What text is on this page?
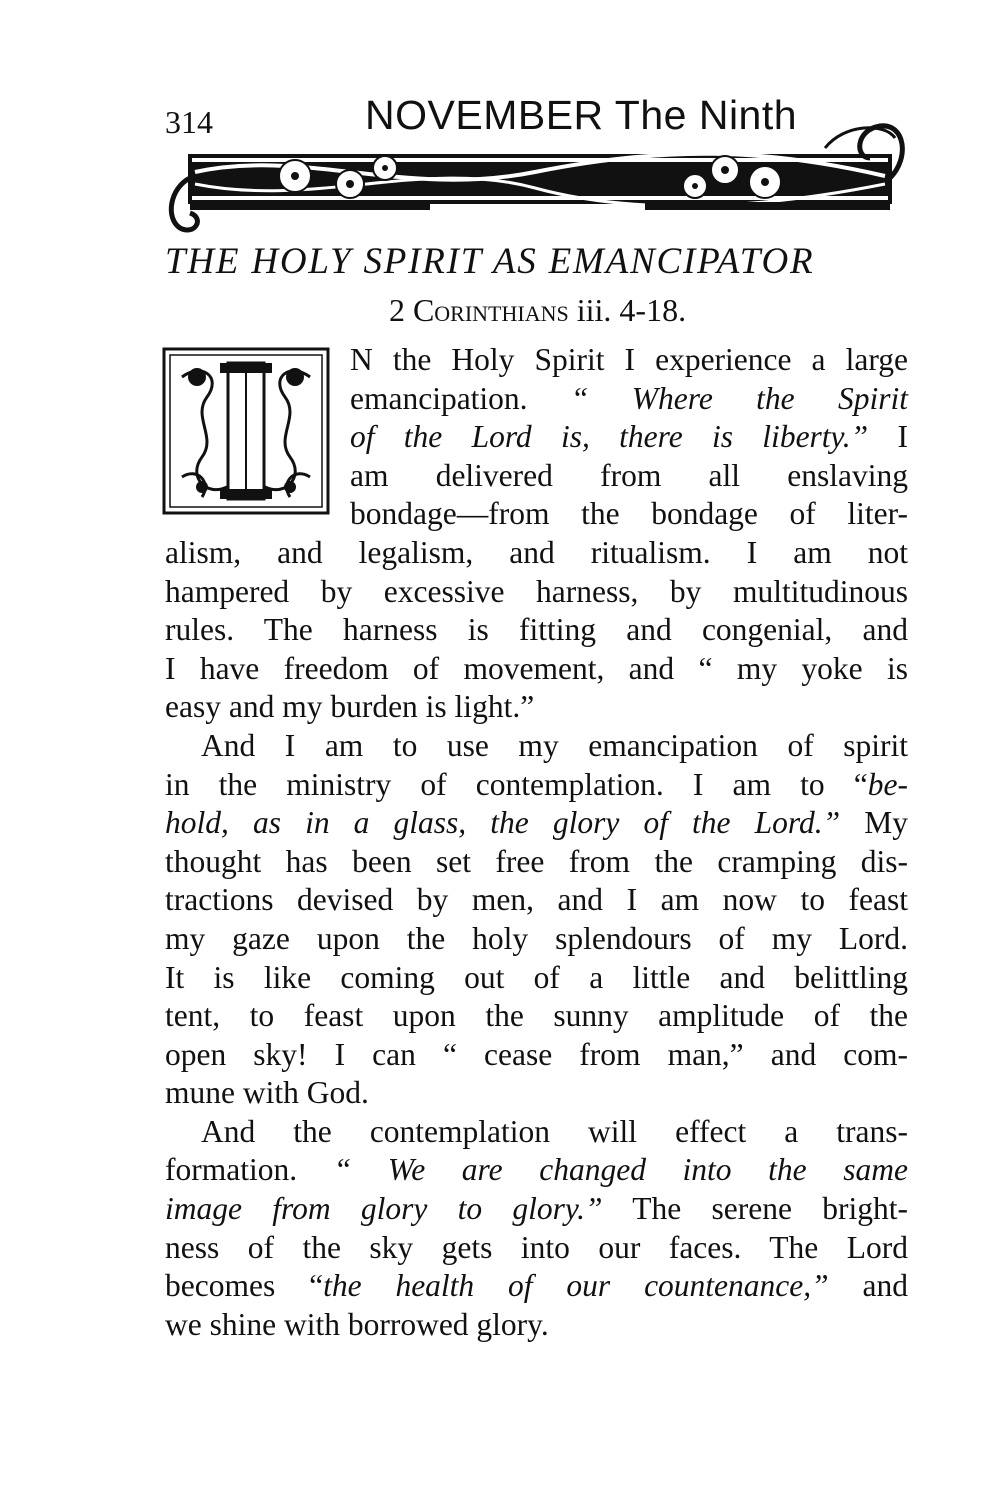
314	NOVEMBER The Ninth
THE HOLY SPIRIT AS EMANCIPATOR
2 Corinthians iii. 4-18.
N the Holy Spirit I experience a large
emancipation. “ Where the Spirit
of the Lord is, there is liberty.” I
am delivered from all enslaving
bondage—from the bondage of liter-
alism, and legalism, and ritualism. I am not
hampered by excessive harness, by multitudinous
rules. The harness is fitting and congenial, and
I have freedom of movement, and “ my yoke is
easy and my burden is light.”
And I am to use my emancipation of spirit
in the ministry of contemplation. I am to “be-
hold, as in a glass, the glory of the Lord.” My
thought has been set free from the cramping dis-
tractions devised by men, and I am now to feast
my gaze upon the holy splendours of my Lord.
It is like coming out of a little and belittling
tent, to feast upon the sunny amplitude of the
open sky! I can “ cease from man,” and com-
mune with God.
And the contemplation will effect a trans-
formation. “ We are changed into the same
image from glory to glory.” The serene bright-
ness of the sky gets into our faces. The Lord
becomes “the health of our countenance,” and
we shine with borrowed glory.
